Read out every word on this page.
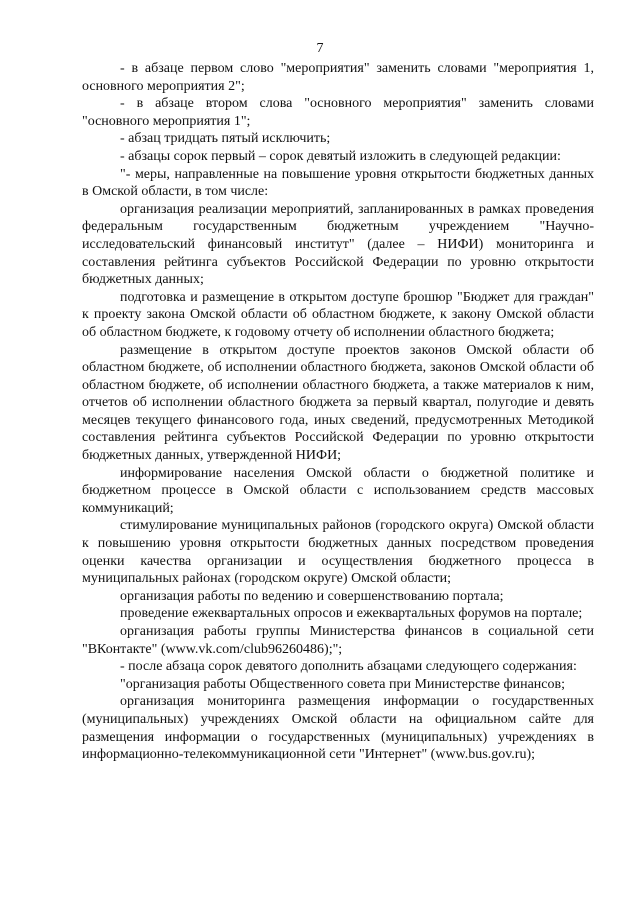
7

- в абзаце первом слово "мероприятия" заменить словами "мероприятия 1, основного мероприятия 2";

- в абзаце втором слова "основного мероприятия" заменить словами "основного мероприятия 1";

- абзац тридцать пятый исключить;

- абзацы сорок первый – сорок девятый изложить в следующей редакции:

"- меры, направленные на повышение уровня открытости бюджетных данных в Омской области, в том числе:

организация реализации мероприятий, запланированных в рамках проведения федеральным государственным бюджетным учреждением "Научно-исследовательский финансовый институт" (далее – НИФИ) мониторинга и составления рейтинга субъектов Российской Федерации по уровню открытости бюджетных данных;

подготовка и размещение в открытом доступе брошюр "Бюджет для граждан" к проекту закона Омской области об областном бюджете, к закону Омской области об областном бюджете, к годовому отчету об исполнении областного бюджета;

размещение в открытом доступе проектов законов Омской области об областном бюджете, об исполнении областного бюджета, законов Омской области об областном бюджете, об исполнении областного бюджета, а также материалов к ним, отчетов об исполнении областного бюджета за первый квартал, полугодие и девять месяцев текущего финансового года, иных сведений, предусмотренных Методикой составления рейтинга субъектов Российской Федерации по уровню открытости бюджетных данных, утвержденной НИФИ;

информирование населения Омской области о бюджетной политике и бюджетном процессе в Омской области с использованием средств массовых коммуникаций;

стимулирование муниципальных районов (городского округа) Омской области к повышению уровня открытости бюджетных данных посредством проведения оценки качества организации и осуществления бюджетного процесса в муниципальных районах (городском округе) Омской области;

организация работы по ведению и совершенствованию портала;

проведение ежеквартальных опросов и ежеквартальных форумов на портале;

организация работы группы Министерства финансов в социальной сети "ВКонтакте" (www.vk.com/club96260486);";

- после абзаца сорок девятого дополнить абзацами следующего содержания:

"организация работы Общественного совета при Министерстве финансов;

организация мониторинга размещения информации о государственных (муниципальных) учреждениях Омской области на официальном сайте для размещения информации о государственных (муниципальных) учреждениях в информационно-телекоммуникационной сети "Интернет" (www.bus.gov.ru);
